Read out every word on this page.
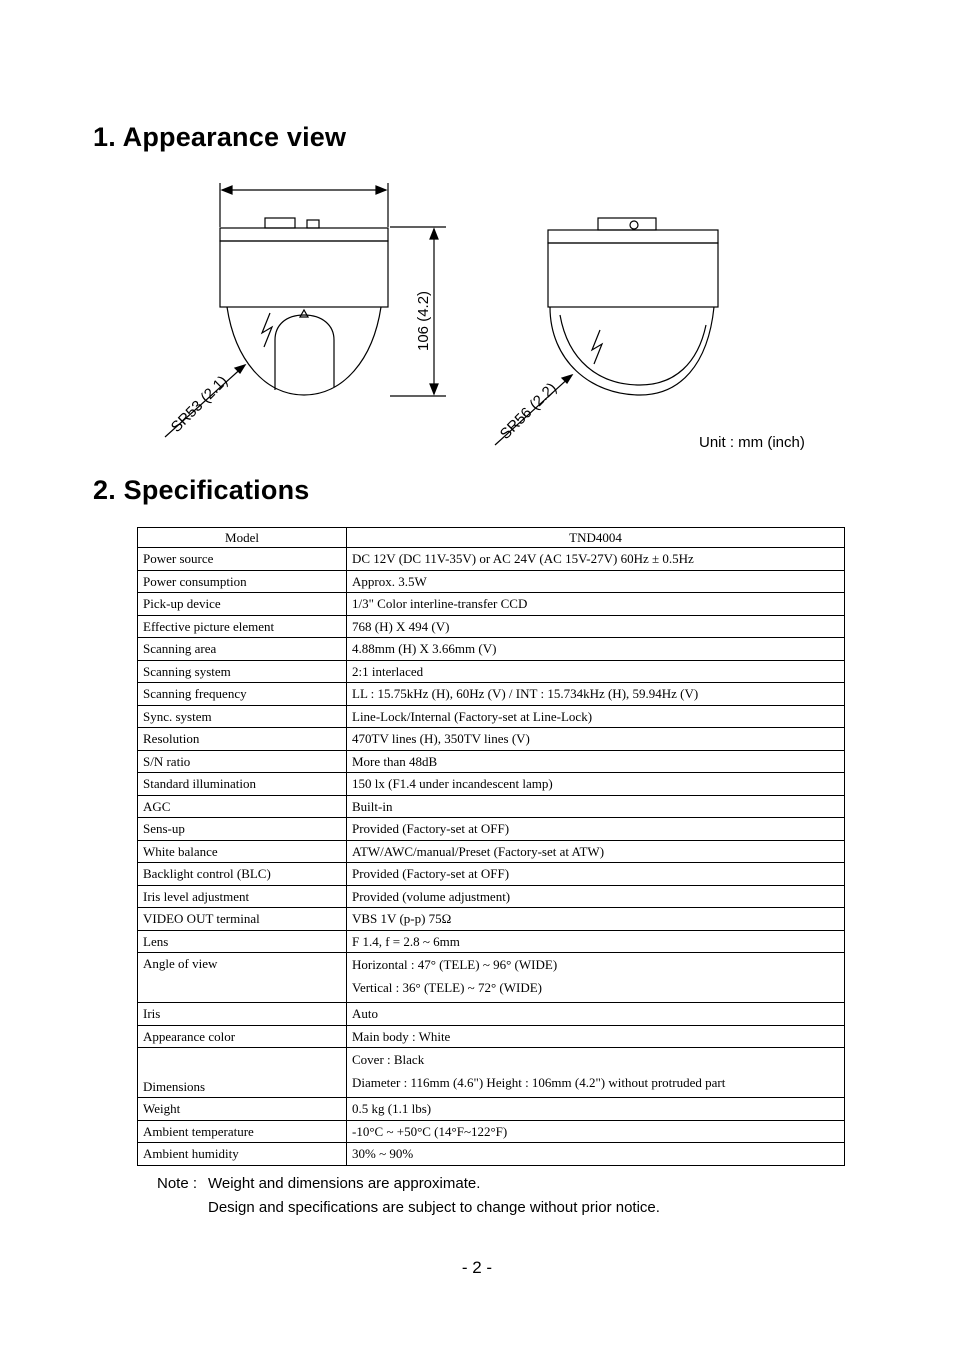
1. Appearance view
106 (4.2)
SR53 (2.1)	SR56 (2.2)	Unit : mm (inch)
2. Specifications
Model	TND4004
Power source	DC 12V (DC 11V-35V) or AC 24V (AC 15V-27V) 60Hz ± 0.5Hz
Power consumption	Approx. 3.5W
Pick-up device	1/3" Color interline-transfer CCD
Effective picture element	768 (H) X 494 (V)
Scanning area	4.88mm (H) X 3.66mm (V)
Scanning system	2:1 interlaced
Scanning frequency	LL : 15.75kHz (H), 60Hz (V) / INT : 15.734kHz (H), 59.94Hz (V)
Sync. system	Line-Lock/Internal (Factory-set at Line-Lock)
Resolution	470TV lines (H), 350TV lines (V)
S/N ratio	More than 48dB
Standard illumination	150 lx (F1.4 under incandescent lamp)
AGC	Built-in
Sens-up	Provided (Factory-set at OFF)
White balance	ATW/AWC/manual/Preset (Factory-set at ATW)
Backlight control (BLC)	Provided (Factory-set at OFF)
Iris level adjustment	Provided (volume adjustment)
VIDEO OUT terminal	VBS 1V (p-p) 75Ω
Lens	F 1.4, f = 2.8 ~ 6mm
Angle of view	Horizontal : 47° (TELE) ~ 96° (WIDE)
Vertical : 36° (TELE) ~ 72° (WIDE)

Iris	Auto
Appearance color	Main body : White
Dimensions	Cover : Black
Diameter : 116mm (4.6") Height : 106mm (4.2") without protruded part

Weight	0.5 kg (1.1 lbs)
Ambient temperature	-10°C ~ +50°C (14°F~122°F)
Ambient humidity	30% ~ 90%
Note : Weight and dimensions are approximate.
Design and specifications are subject to change without prior notice.
- 2 -
